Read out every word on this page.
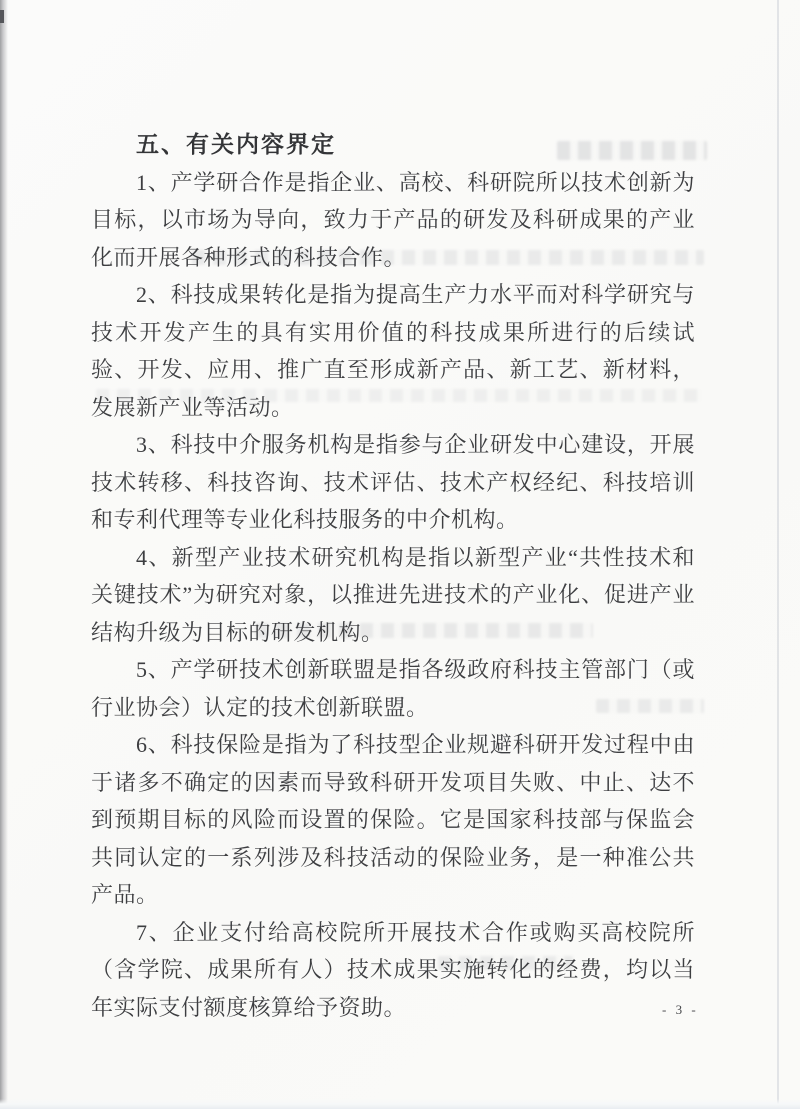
五、有关内容界定

1、产学研合作是指企业、高校、科研院所以技术创新为目标，以市场为导向，致力于产品的研发及科研成果的产业化而开展各种形式的科技合作。

2、科技成果转化是指为提高生产力水平而对科学研究与技术开发产生的具有实用价值的科技成果所进行的后续试验、开发、应用、推广直至形成新产品、新工艺、新材料，发展新产业等活动。

3、科技中介服务机构是指参与企业研发中心建设，开展技术转移、科技咨询、技术评估、技术产权经纪、科技培训和专利代理等专业化科技服务的中介机构。

4、新型产业技术研究机构是指以新型产业“共性技术和关键技术”为研究对象，以推进先进技术的产业化、促进产业结构升级为目标的研发机构。

5、产学研技术创新联盟是指各级政府科技主管部门（或行业协会）认定的技术创新联盟。

6、科技保险是指为了科技型企业规避科研开发过程中由于诸多不确定的因素而导致科研开发项目失败、中止、达不到预期目标的风险而设置的保险。它是国家科技部与保监会共同认定的一系列涉及科技活动的保险业务，是一种准公共产品。

7、企业支付给高校院所开展技术合作或购买高校院所（含学院、成果所有人）技术成果实施转化的经费，均以当年实际支付额度核算给予资助。	- 3 -
